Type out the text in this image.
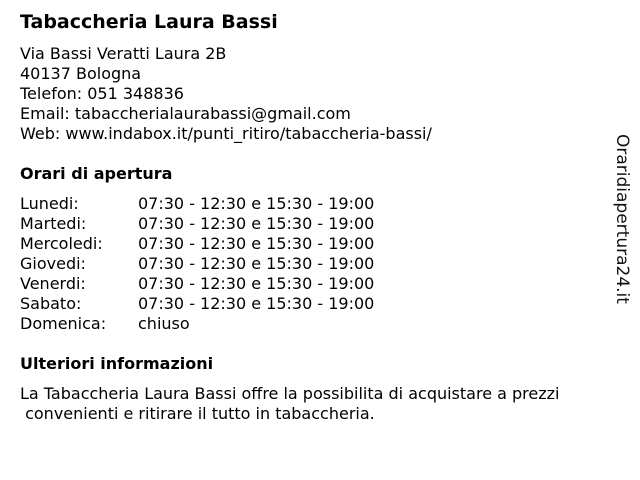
Tabaccheria Laura Bassi
Via Bassi Veratti Laura 2B
40137 Bologna
Telefon: 051 348836
Email: tabaccherialaurabassi@gmail.com
Web: www.indabox.it/punti_ritiro/tabaccheria-bassi/
Orari di apertura
Lunedi:	07:30 - 12:30 e 15:30 - 19:00
Martedi:	07:30 - 12:30 e 15:30 - 19:00
Mercoledi:	07:30 - 12:30 e 15:30 - 19:00
Giovedi:	07:30 - 12:30 e 15:30 - 19:00
Venerdi:	07:30 - 12:30 e 15:30 - 19:00
Sabato:	07:30 - 12:30 e 15:30 - 19:00
Domenica:	chiuso
Ulteriori informazioni
La Tabaccheria Laura Bassi offre la possibilita di acquistare a prezzi
convenienti e ritirare il tutto in tabaccheria.
Oraridiapertura24.it
